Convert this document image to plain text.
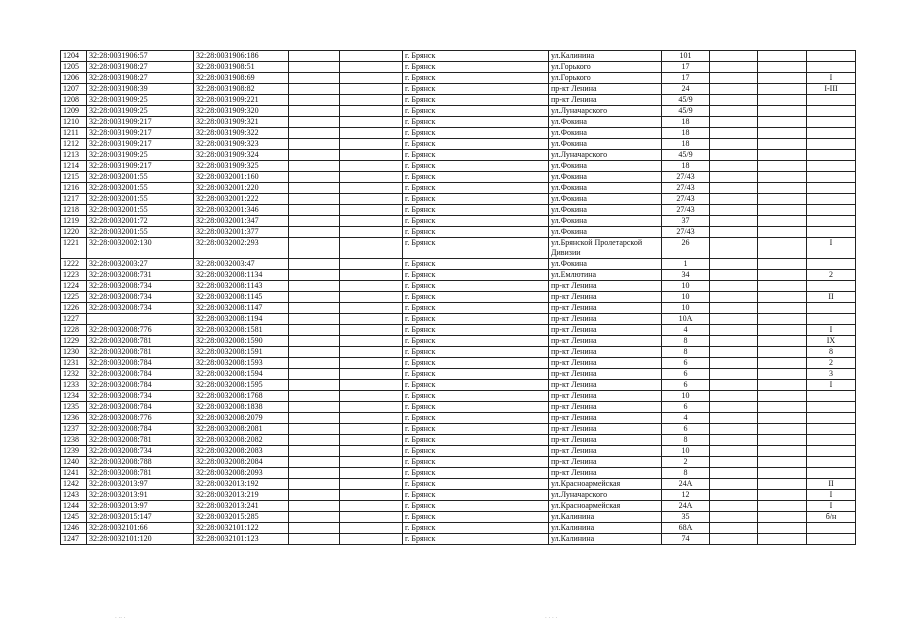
1204	32:28:0031906:57	32:28:0031906:186			г. Брянск	ул.Калинина	101			
1205	32:28:0031908:27	32:28:0031908:51			г. Брянск	ул.Горького	17			
1206	32:28:0031908:27	32:28:0031908:69			г. Брянск	ул.Горького	17			I
1207	32:28:0031908:39	32:28:0031908:82			г. Брянск	пр-кт Ленина	24			I-III
1208	32:28:0031909:25	32:28:0031909:221			г. Брянск	пр-кт Ленина	45/9			
1209	32:28:0031909:25	32:28:0031909:320			г. Брянск	ул.Луначарского	45/9			
1210	32:28:0031909:217	32:28:0031909:321			г. Брянск	ул.Фокина	18			
1211	32:28:0031909:217	32:28:0031909:322			г. Брянск	ул.Фокина	18			
1212	32:28:0031909:217	32:28:0031909:323			г. Брянск	ул.Фокина	18			
1213	32:28:0031909:25	32:28:0031909:324			г. Брянск	ул.Луначарского	45/9			
1214	32:28:0031909:217	32:28:0031909:325			г. Брянск	ул.Фокина	18			
1215	32:28:0032001:55	32:28:0032001:160			г. Брянск	ул.Фокина	27/43			
1216	32:28:0032001:55	32:28:0032001:220			г. Брянск	ул.Фокина	27/43			
1217	32:28:0032001:55	32:28:0032001:222			г. Брянск	ул.Фокина	27/43			
1218	32:28:0032001:55	32:28:0032001:346			г. Брянск	ул.Фокина	27/43			
1219	32:28:0032001:72	32:28:0032001:347			г. Брянск	ул.Фокина	37			
1220	32:28:0032001:55	32:28:0032001:377			г. Брянск	ул.Фокина	27/43			
1221	32:28:0032002:130	32:28:0032002:293			г. Брянск	ул.Брянской Пролетарской Дивизии	26			I
1222	32:28:0032003:27	32:28:0032003:47			г. Брянск	ул.Фокина	1			
1223	32:28:0032008:731	32:28:0032008:1134			г. Брянск	ул.Емлютина	34			2
1224	32:28:0032008:734	32:28:0032008:1143			г. Брянск	пр-кт Ленина	10			
1225	32:28:0032008:734	32:28:0032008:1145			г. Брянск	пр-кт Ленина	10			II
1226	32:28:0032008:734	32:28:0032008:1147			г. Брянск	пр-кт Ленина	10			
1227		32:28:0032008:1194			г. Брянск	пр-кт Ленина	10А			
1228	32:28:0032008:776	32:28:0032008:1581			г. Брянск	пр-кт Ленина	4			I
1229	32:28:0032008:781	32:28:0032008:1590			г. Брянск	пр-кт Ленина	8			IX
1230	32:28:0032008:781	32:28:0032008:1591			г. Брянск	пр-кт Ленина	8			8
1231	32:28:0032008:784	32:28:0032008:1593			г. Брянск	пр-кт Ленина	6			2
1232	32:28:0032008:784	32:28:0032008:1594			г. Брянск	пр-кт Ленина	6			3
1233	32:28:0032008:784	32:28:0032008:1595			г. Брянск	пр-кт Ленина	6			I
1234	32:28:0032008:734	32:28:0032008:1768			г. Брянск	пр-кт Ленина	10			
1235	32:28:0032008:784	32:28:0032008:1838			г. Брянск	пр-кт Ленина	6			
1236	32:28:0032008:776	32:28:0032008:2079			г. Брянск	пр-кт Ленина	4			
1237	32:28:0032008:784	32:28:0032008:2081			г. Брянск	пр-кт Ленина	6			
1238	32:28:0032008:781	32:28:0032008:2082			г. Брянск	пр-кт Ленина	8			
1239	32:28:0032008:734	32:28:0032008:2083			г. Брянск	пр-кт Ленина	10			
1240	32:28:0032008:788	32:28:0032008:2084			г. Брянск	пр-кт Ленина	2			
1241	32:28:0032008:781	32:28:0032008:2093			г. Брянск	пр-кт Ленина	8			
1242	32:28:0032013:97	32:28:0032013:192			г. Брянск	ул.Красноармейская	24А			II
1243	32:28:0032013:91	32:28:0032013:219			г. Брянск	ул.Луначарского	12			I
1244	32:28:0032013:97	32:28:0032013:241			г. Брянск	ул.Красноармейская	24А			I
1245	32:28:0032015:147	32:28:0032015:285			г. Брянск	ул.Калинина	35			б/н
1246	32:28:0032101:66	32:28:0032101:122			г. Брянск	ул.Калинина	68А			
1247	32:28:0032101:120	32:28:0032101:123			г. Брянск	ул.Калинина	74			
. .. .	. . . .
